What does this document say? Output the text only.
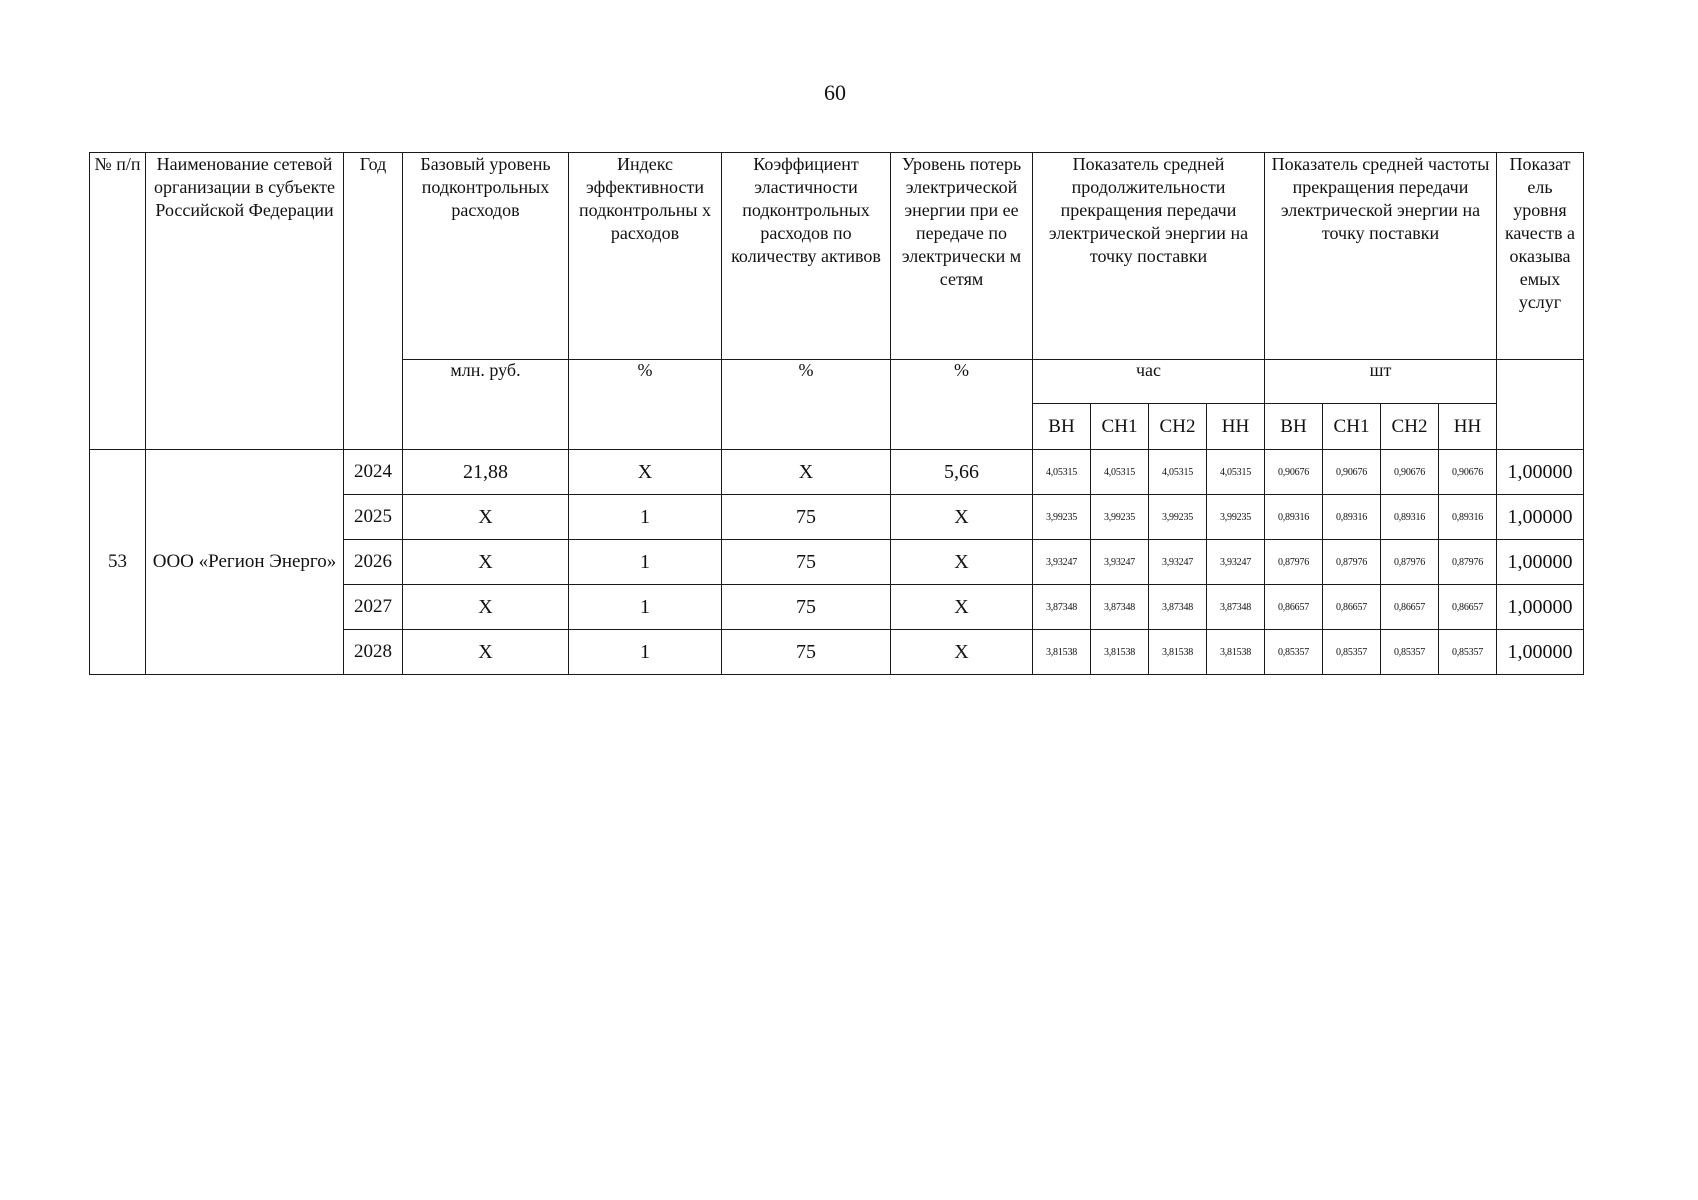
60
№ п/п	Наименование сетевой организации в субъекте Российской Федерации	Год	Базовый уровень подконтрольных расходов	Индекс эффективности подконтрольны х расходов	Коэффициент эластичности подконтрольных расходов по количеству активов	Уровень потерь электрической энергии при ее передаче по электрически м сетям	Показатель средней продолжительности прекращения передачи электрической энергии на точку поставки				Показатель средней частоты прекращения передачи электрической энергии на точку поставки				Показат ель уровня качеств а оказыва емых услуг
			млн. руб.	%	%	%	час				шт				
							ВН	СН1	СН2	НН	ВН	СН1	СН2	НН	
53	ООО «Регион Энерго»	2024	21,88	Х	Х	5,66	4,05315	4,05315	4,05315	4,05315	0,90676	0,90676	0,90676	0,90676	1,00000
		2025	Х	1	75	Х	3,99235	3,99235	3,99235	3,99235	0,89316	0,89316	0,89316	0,89316	1,00000
		2026	Х	1	75	Х	3,93247	3,93247	3,93247	3,93247	0,87976	0,87976	0,87976	0,87976	1,00000
		2027	Х	1	75	Х	3,87348	3,87348	3,87348	3,87348	0,86657	0,86657	0,86657	0,86657	1,00000
		2028	Х	1	75	Х	3,81538	3,81538	3,81538	3,81538	0,85357	0,85357	0,85357	0,85357	1,00000
